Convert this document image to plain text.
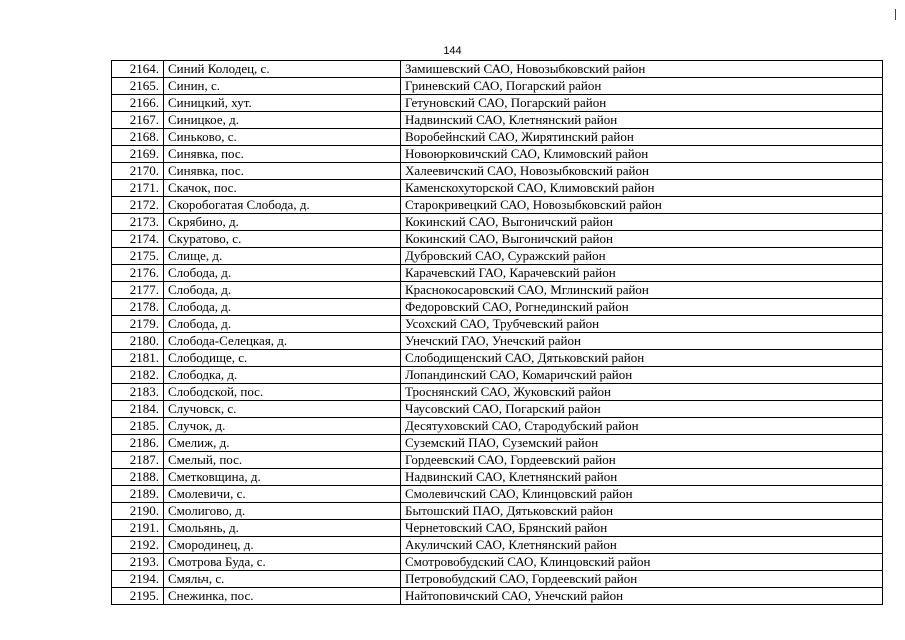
144
2164.	Синий Колодец, с.	Замишевский САО, Новозыбковский район
2165.	Синин, с.	Гриневский САО, Погарский район
2166.	Синицкий, хут.	Гетуновский САО, Погарский район
2167.	Синицкое, д.	Надвинский САО, Клетнянский район
2168.	Синьково, с.	Воробейнский САО, Жирятинский район
2169.	Синявка, пос.	Новоюрковичский САО, Климовский район
2170.	Синявка, пос.	Халеевичский САО, Новозыбковский район
2171.	Скачок, пос.	Каменскохуторской САО, Климовский район
2172.	Скоробогатая Слобода, д.	Старокривецкий САО, Новозыбковский район
2173.	Скрябино, д.	Кокинский САО, Выгоничский район
2174.	Скуратово, с.	Кокинский САО, Выгоничский район
2175.	Слище, д.	Дубровский САО, Суражский район
2176.	Слобода, д.	Карачевский ГАО, Карачевский район
2177.	Слобода, д.	Краснокосаровский САО, Мглинский район
2178.	Слобода, д.	Федоровский САО, Рогнединский район
2179.	Слобода, д.	Усохский САО, Трубчевский район
2180.	Слобода-Селецкая, д.	Унечский ГАО, Унечский район
2181.	Слободище, с.	Слободищенский САО, Дятьковский район
2182.	Слободка, д.	Лопандинский САО, Комаричский район
2183.	Слободской, пос.	Троснянский САО, Жуковский район
2184.	Случовск, с.	Чаусовский САО, Погарский район
2185.	Случок, д.	Десятуховский САО, Стародубский район
2186.	Смелиж, д.	Суземский ПАО, Суземский район
2187.	Смелый, пос.	Гордеевский САО, Гордеевский район
2188.	Сметковщина, д.	Надвинский САО, Клетнянский район
2189.	Смолевичи, с.	Смолевичский САО, Клинцовский район
2190.	Смолигово, д.	Бытошский ПАО, Дятьковский район
2191.	Смольянь, д.	Чернетовский САО, Брянский район
2192.	Смородинец, д.	Акуличский САО, Клетнянский район
2193.	Смотрова Буда, с.	Смотровобудский САО, Клинцовский район
2194.	Смяльч, с.	Петровобудский САО, Гордеевский район
2195.	Снежинка, пос.	Найтоповичский САО, Унечский район
